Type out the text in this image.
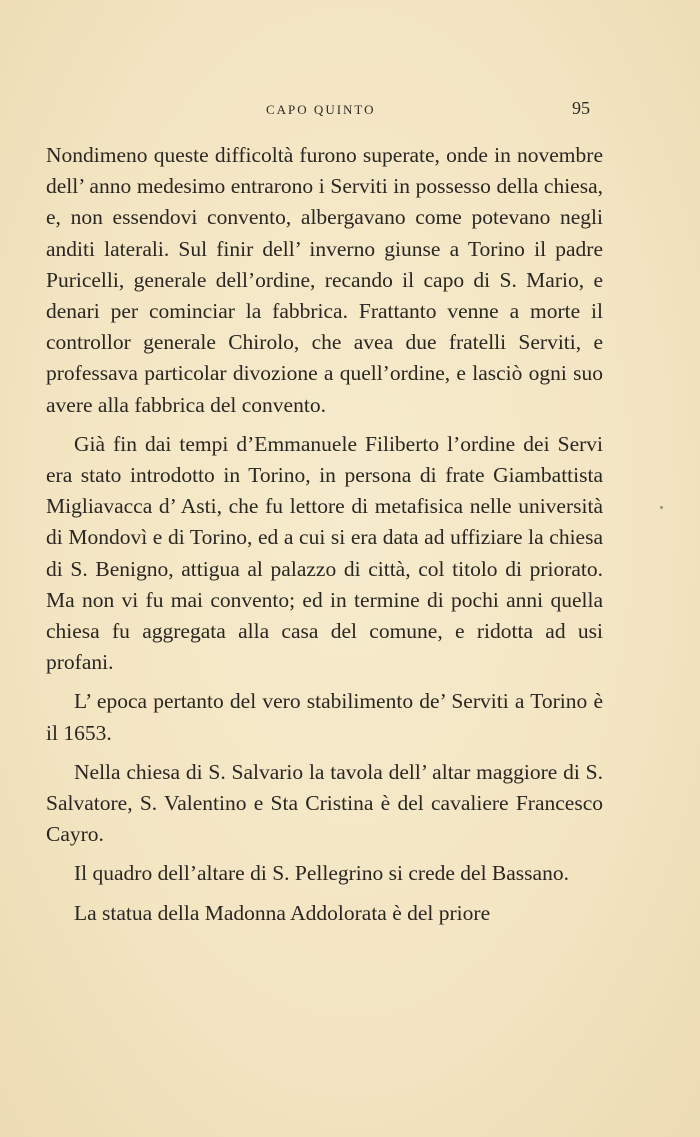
CAPO QUINTO	95

Nondimeno queste difficoltà furono superate, onde in novembre dell’ anno medesimo entrarono i Serviti in possesso della chiesa, e, non essendovi convento, albergavano come potevano negli anditi laterali. Sul finir dell’ inverno giunse a Torino il padre Puricelli, generale dell’ordine, recando il capo di S. Mario, e denari per cominciar la fabbrica. Frattanto venne a morte il controllor generale Chirolo, che avea due fratelli Serviti, e professava particolar divozione a quell’ordine, e lasciò ogni suo avere alla fabbrica del convento.

Già fin dai tempi d’Emmanuele Filiberto l’ordine dei Servi era stato introdotto in Torino, in persona di frate Giambattista Migliavacca d’ Asti, che fu lettore di metafisica nelle università di Mondovì e di Torino, ed a cui si era data ad uffiziare la chiesa di S. Benigno, attigua al palazzo di città, col titolo di priorato. Ma non vi fu mai convento; ed in termine di pochi anni quella chiesa fu aggregata alla casa del comune, e ridotta ad usi profani.

L’ epoca pertanto del vero stabilimento de’ Serviti a Torino è il 1653.

Nella chiesa di S. Salvario la tavola dell’ altar maggiore di S. Salvatore, S. Valentino e Sta Cristina è del cavaliere Francesco Cayro.

Il quadro dell’altare di S. Pellegrino si crede del Bassano.

La statua della Madonna Addolorata è del priore
